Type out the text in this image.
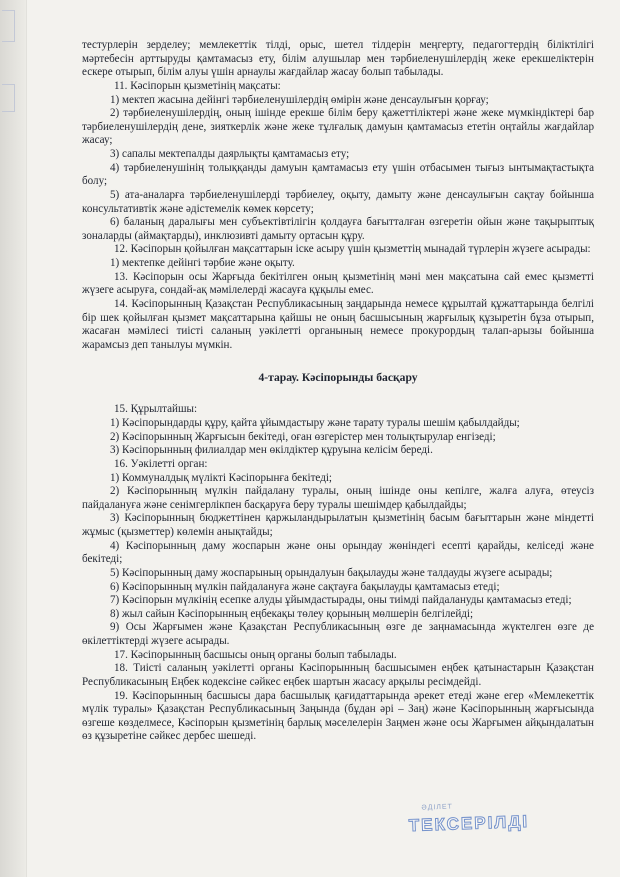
тестурлерін зерделеу; мемлекеттік тілді, орыс, шетел тілдерін меңгерту, педагогтердің біліктілігі мәртебесін арттыруды қамтамасыз ету, білім алушылар мен тәрбиеленушілердің жеке ерекшеліктерін ескере отырып, білім алуы үшін арнаулы жағдайлар жасау болып табылады.

11. Кәсіпорын қызметінің мақсаты:

1) мектеп жасына дейінгі тәрбиеленушілердің өмірін және денсаулығын қорғау;

2) тәрбиеленушілердің, оның ішінде ерекше білім беру қажеттіліктері және жеке мүмкіндіктері бар тәрбиеленушілердің дене, зияткерлік және жеке тұлғалық дамуын қамтамасыз ететін оңтайлы жағдайлар жасау;

3) сапалы мектепалды даярлықты қамтамасыз ету;

4) тәрбиеленушінің толыққанды дамуын қамтамасыз ету үшін отбасымен тығыз ынтымақтастықта болу;

5) ата-аналарға тәрбиеленушілерді тәрбиелеу, оқыту, дамыту және денсаулығын сақтау бойынша консультативтік және әдістемелік көмек көрсету;

6) баланың даралығы мен субъектівтілігін қолдауға бағытталған өзгеретін ойын және тақырыптық зоналарды (аймақтарды), инклюзивті дамыту ортасын құру.

12. Кәсіпорын қойылған мақсаттарын іске асыру үшін қызметтің мынадай түрлерін жүзеге асырады:

1) мектепке дейінгі тәрбие және оқыту.

13. Кәсіпорын осы Жарғыда бекітілген оның қызметінің мәні мен мақсатына сай емес қызметті жүзеге асыруға, сондай-ақ мәмілелерді жасауға құқылы емес.

14. Кәсіпорынның Қазақстан Республикасының заңдарында немесе құрылтай құжаттарында белгілі бір шек қойылған қызмет мақсаттарына қайшы не оның басшысының жарғылық құзыретін бұза отырып, жасаған мәмілесі тиісті саланың уәкілетті органының немесе прокурордың талап-арызы бойынша жарамсыз деп танылуы мүмкін.

4-тарау. Кәсіпорынды басқару

15. Құрылтайшы:

1) Кәсіпорындарды құру, қайта ұйымдастыру және тарату туралы шешім қабылдайды;

2) Кәсіпорынның Жарғысын бекітеді, оған өзгерістер мен толықтырулар енгізеді;

3) Кәсіпорынның филиалдар мен өкілдіктер құруына келісім береді.

16. Уәкілетті орган:

1) Коммуналдық мүлікті Кәсіпорынға бекітеді;

2) Кәсіпорынның мүлкін пайдалану туралы, оның ішінде оны кепілге, жалға алуға, өтеусіз пайдалануға және сенімгерлікпен басқаруға беру туралы шешімдер қабылдайды;

3) Кәсіпорынның бюджеттінен қаржыландырылатын қызметінің басым бағыттарын және міндетті жұмыс (қызметтер) көлемін анықтайды;

4) Кәсіпорынның даму жоспарын және оны орындау жөніндегі есепті қарайды, келіседі және бекітеді;

5) Кәсіпорынның даму жоспарының орындалуын бақылауды және талдауды жүзеге асырады;

6) Кәсіпорынның мүлкін пайдалануға және сақтауға бақылауды қамтамасыз етеді;

7) Кәсіпорын мүлкінің есепке алуды ұйымдастырады, оны тиімді пайдалануды қамтамасыз етеді;

8) жыл сайын Кәсіпорынның еңбекақы төлеу қорының мөлшерін белгілейді;

9) Осы Жарғымен және Қазақстан Республикасының өзге де заңнамасында жүктелген өзге де өкілеттіктерді жүзеге асырады.

17. Кәсіпорынның басшысы оның органы болып табылады.

18. Тиісті саланың уәкілетті органы Кәсіпорынның басшысымен еңбек қатынастарын Қазақстан Республикасының Еңбек кодексіне сәйкес еңбек шартын жасасу арқылы ресімдейді.

19. Кәсіпорынның басшысы дара басшылық қағидаттарында әрекет етеді және егер «Мемлекеттік мүлік туралы» Қазақстан Республикасының Заңында (бұдан әрі – Заң) және Кәсіпорынның жарғысында өзгеше көзделмесе, Кәсіпорын қызметінің барлық мәселелерін Заңмен және осы Жарғымен айқындалатын өз құзыретіне сәйкес дербес шешеді.

ӘДІЛЕТ
ТЕКСЕРІЛДІ
